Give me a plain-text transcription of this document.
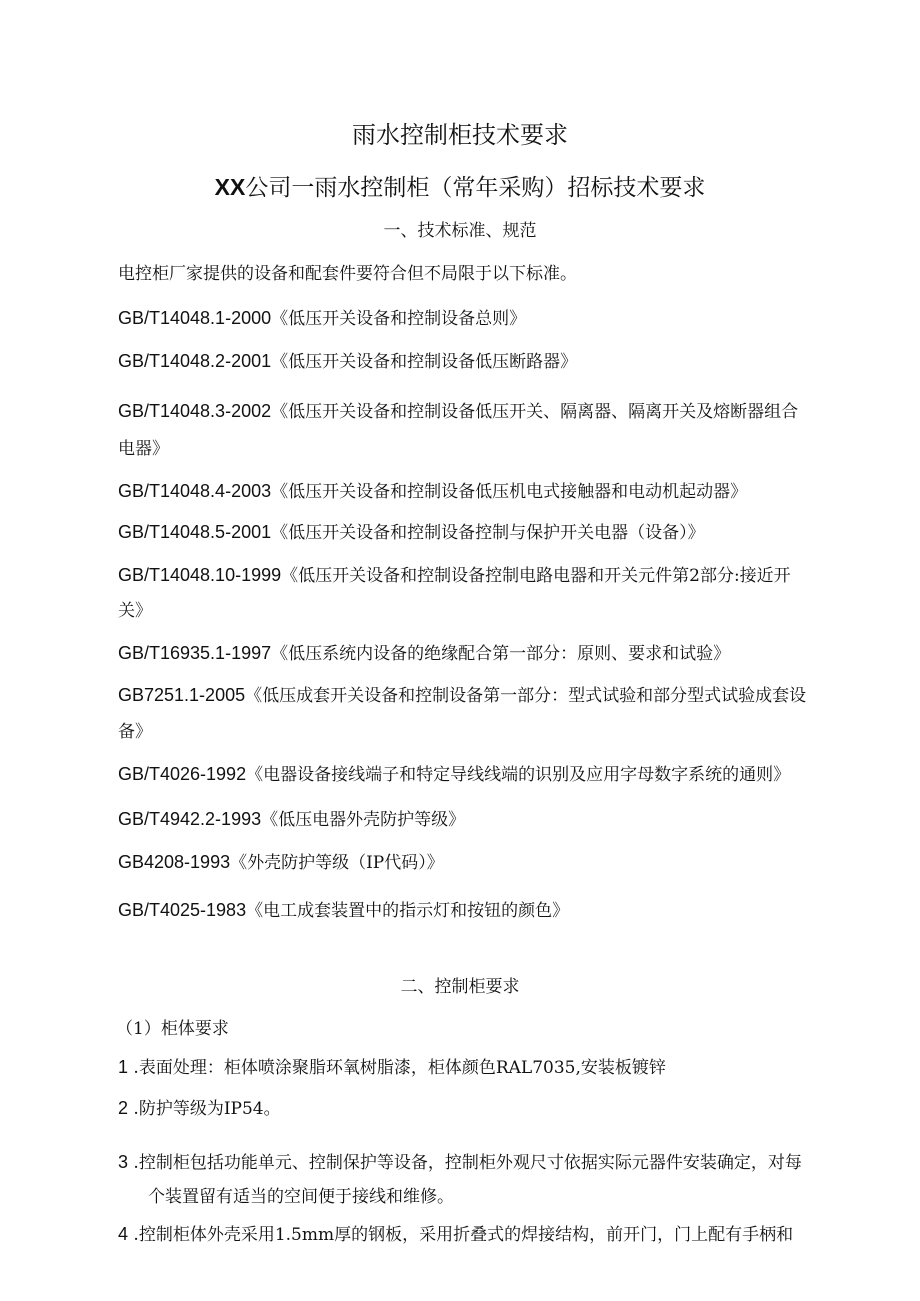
雨水控制柜技术要求

XX公司一雨水控制柜（常年采购）招标技术要求

一、技术标准、规范

电控柜厂家提供的设备和配套件要符合但不局限于以下标准。

GB/T14048.1-2000《低压开关设备和控制设备总则》

GB/T14048.2-2001《低压开关设备和控制设备低压断路器》

GB/T14048.3-2002《低压开关设备和控制设备低压开关、隔离器、隔离开关及熔断器组合

电器》

GB/T14048.4-2003《低压开关设备和控制设备低压机电式接触器和电动机起动器》

GB/T14048.5-2001《低压开关设备和控制设备控制与保护开关电器（设备）》

GB/T14048.10-1999《低压开关设备和控制设备控制电路电器和开关元件第2部分:接近开

关》

GB/T16935.1-1997《低压系统内设备的绝缘配合第一部分：原则、要求和试验》

GB7251.1-2005《低压成套开关设备和控制设备第一部分：型式试验和部分型式试验成套设

备》

GB/T4026-1992《电器设备接线端子和特定导线线端的识别及应用字母数字系统的通则》

GB/T4942.2-1993《低压电器外壳防护等级》

GB4208-1993《外壳防护等级（IP代码）》

GB/T4025-1983《电工成套装置中的指示灯和按钮的颜色》

二、控制柜要求

（1）柜体要求

1 .表面处理：柜体喷涂聚脂环氧树脂漆，柜体颜色RAL7035,安装板镀锌

2 .防护等级为IP54。

3 .控制柜包括功能单元、控制保护等设备，控制柜外观尺寸依据实际元器件安装确定，对每

个装置留有适当的空间便于接线和维修。

4 .控制柜体外壳采用1.5mm厚的钢板，采用折叠式的焊接结构，前开门，门上配有手柄和
